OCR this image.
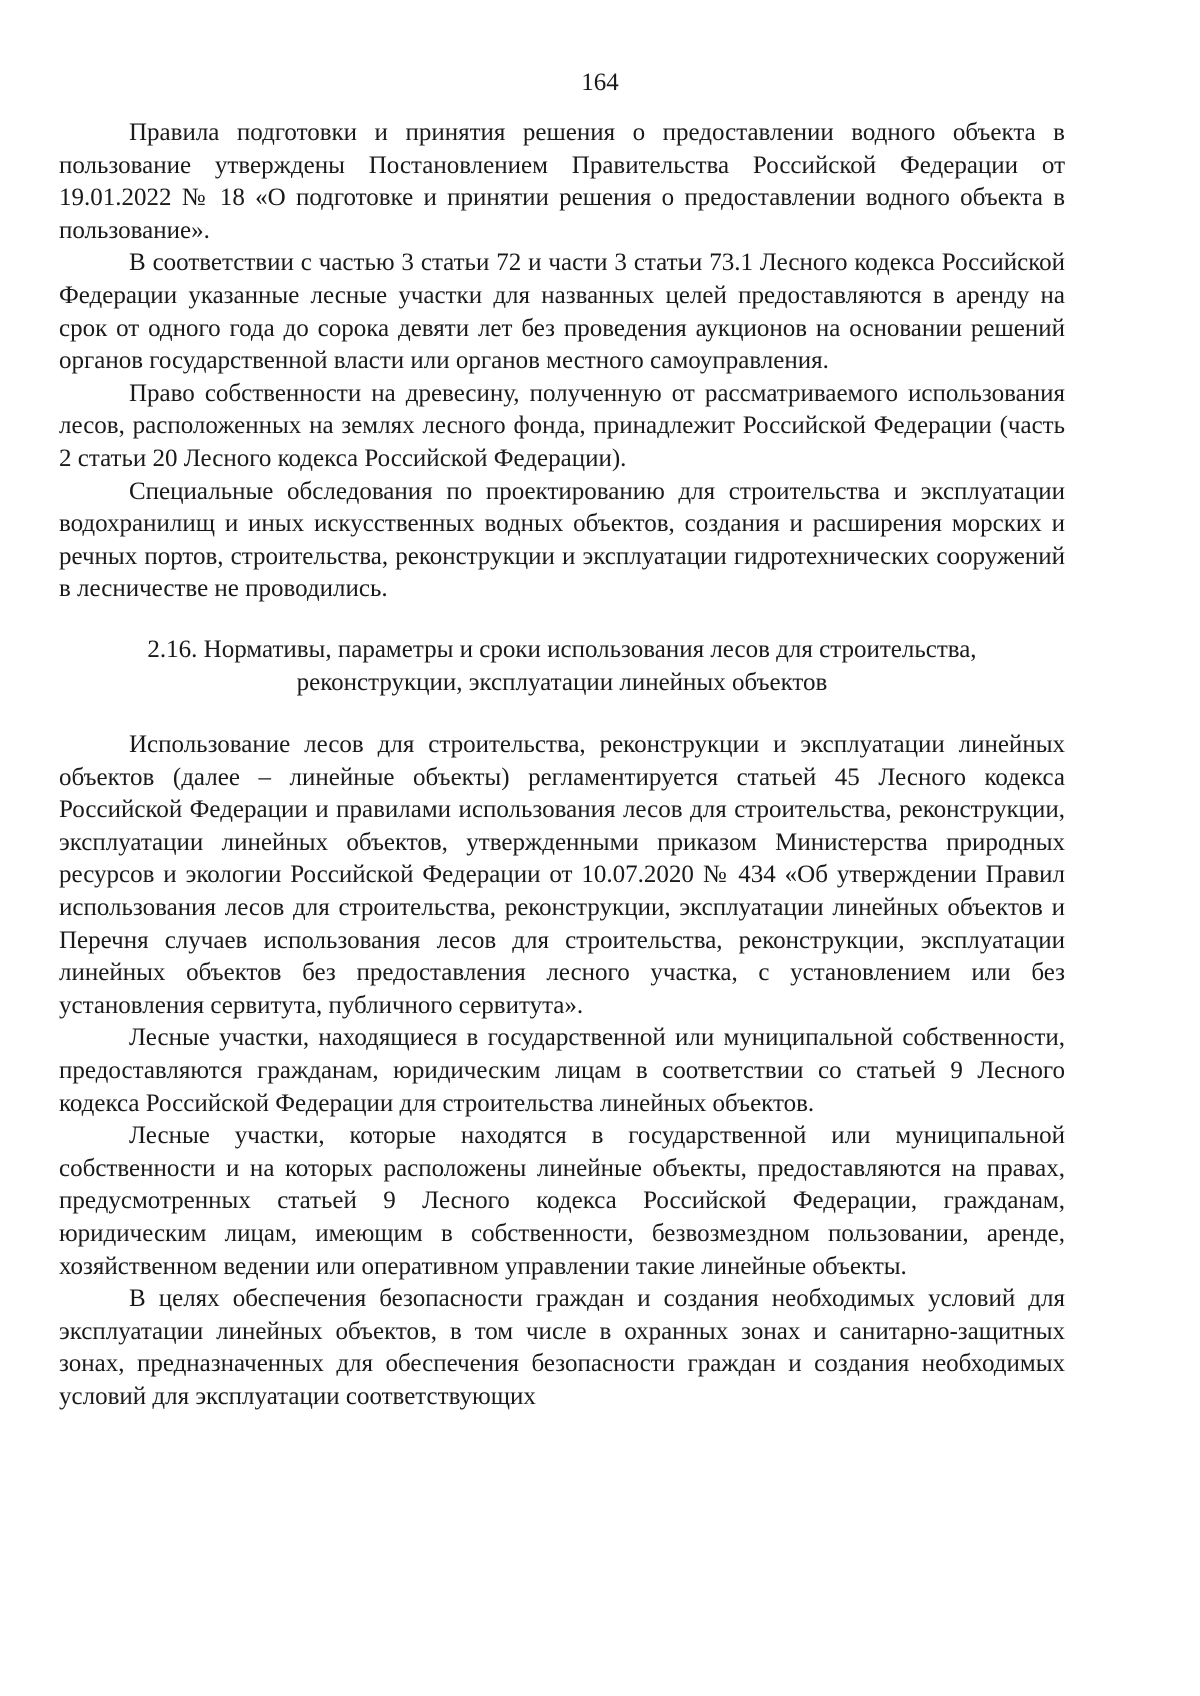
164

Правила подготовки и принятия решения о предоставлении водного объекта в пользование утверждены Постановлением Правительства Российской Федерации от 19.01.2022 № 18 «О подготовке и принятии решения о предоставлении водного объекта в пользование».

В соответствии с частью 3 статьи 72 и части 3 статьи 73.1 Лесного кодекса Российской Федерации указанные лесные участки для названных целей предоставляются в аренду на срок от одного года до сорока девяти лет без проведения аукционов на основании решений органов государственной власти или органов местного самоуправления.

Право собственности на древесину, полученную от рассматриваемого использования лесов, расположенных на землях лесного фонда, принадлежит Российской Федерации (часть 2 статьи 20 Лесного кодекса Российской Федерации).

Специальные обследования по проектированию для строительства и эксплуатации водохранилищ и иных искусственных водных объектов, создания и расширения морских и речных портов, строительства, реконструкции и эксплуатации гидротехнических сооружений в лесничестве не проводились.

2.16. Нормативы, параметры и сроки использования лесов для строительства,
реконструкции, эксплуатации линейных объектов

Использование лесов для строительства, реконструкции и эксплуатации линейных объектов (далее – линейные объекты) регламентируется статьей 45 Лесного кодекса Российской Федерации и правилами использования лесов для строительства, реконструкции, эксплуатации линейных объектов, утвержденными приказом Министерства природных ресурсов и экологии Российской Федерации от 10.07.2020 № 434 «Об утверждении Правил использования лесов для строительства, реконструкции, эксплуатации линейных объектов и Перечня случаев использования лесов для строительства, реконструкции, эксплуатации линейных объектов без предоставления лесного участка, с установлением или без установления сервитута, публичного сервитута».

Лесные участки, находящиеся в государственной или муниципальной собственности, предоставляются гражданам, юридическим лицам в соответствии со статьей 9 Лесного кодекса Российской Федерации для строительства линейных объектов.

Лесные участки, которые находятся в государственной или муниципальной собственности и на которых расположены линейные объекты, предоставляются на правах, предусмотренных статьей 9 Лесного кодекса Российской Федерации, гражданам, юридическим лицам, имеющим в собственности, безвозмездном пользовании, аренде, хозяйственном ведении или оперативном управлении такие линейные объекты.

В целях обеспечения безопасности граждан и создания необходимых условий для эксплуатации линейных объектов, в том числе в охранных зонах и санитарно-защитных зонах, предназначенных для обеспечения безопасности граждан и создания необходимых условий для эксплуатации соответствующих
